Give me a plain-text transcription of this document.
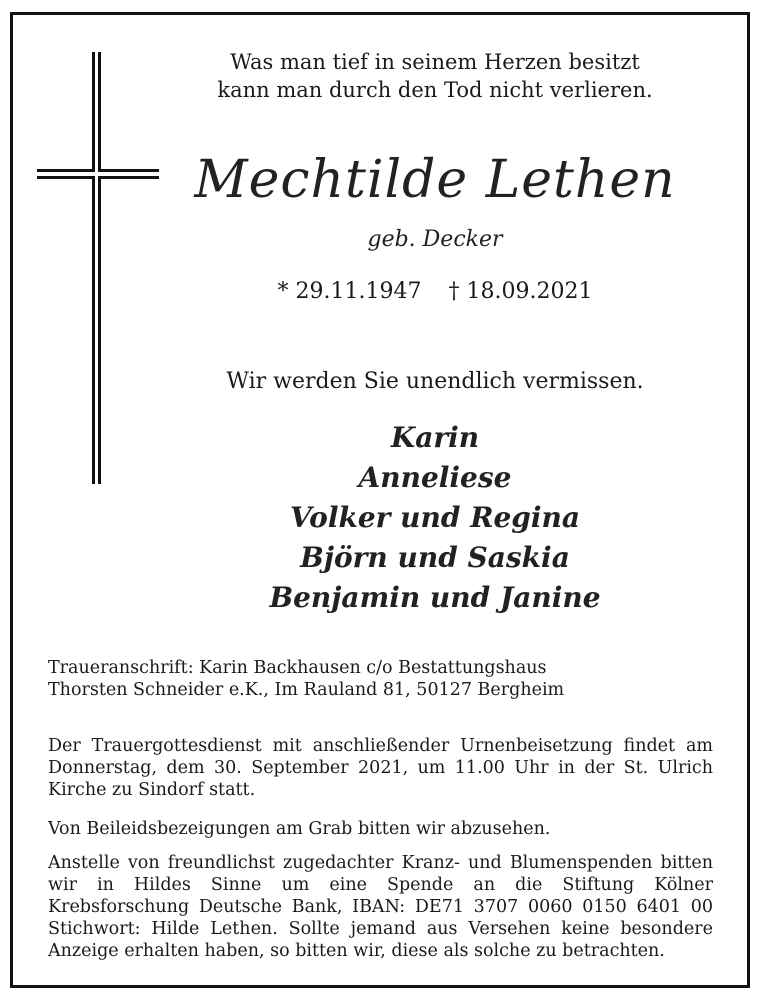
Was man tief in seinem Herzen besitzt
kann man durch den Tod nicht verlieren.
Mechtilde Lethen
geb. Decker
* 29.11.1947 † 18.09.2021
Wir werden Sie unendlich vermissen.
Karin
Anneliese
Volker und Regina
Björn und Saskia
Benjamin und Janine
Traueranschrift: Karin Backhausen c/o Bestattungshaus
Thorsten Schneider e.K., Im Rauland 81, 50127 Bergheim

Der Trauergottesdienst mit anschließender Urnenbeisetzung findet am Donnerstag, dem 30. September 2021, um 11.00 Uhr in der St. Ulrich Kirche zu Sindorf statt.

Von Beileidsbezeigungen am Grab bitten wir abzusehen.

Anstelle von freundlichst zugedachter Kranz- und Blumenspenden bitten wir in Hildes Sinne um eine Spende an die Stiftung Kölner Krebsforschung Deutsche Bank, IBAN: DE71 3707 0060 0150 6401 00 Stichwort: Hilde Lethen. Sollte jemand aus Versehen keine besondere Anzeige erhalten haben, so bitten wir, diese als solche zu betrachten.
